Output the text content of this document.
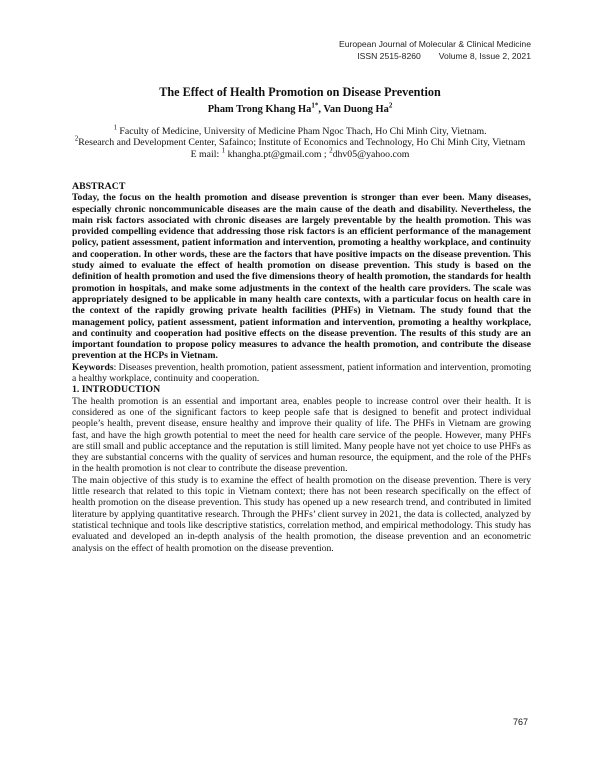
European Journal of Molecular & Clinical Medicine
ISSN 2515-8260 Volume 8, Issue 2, 2021
The Effect of Health Promotion on Disease Prevention
Pham Trong Khang $Ha^{1*}$, Van Duong Ha$^2$
$^1$ Faculty of Medicine, University of Medicine Pham Ngoc Thach, Ho Chi Minh City, Vietnam.
$^2$Research and Development Center, Safainco; Institute of Economics and Technology, Ho Chi Minh City, Vietnam
E mail: $^1$ khangha.pt@gmail.com ; $^2$dhv05@yahoo.com
ABSTRACT

Today, the focus on the health promotion and disease prevention is stronger than ever been. Many diseases, especially chronic noncommunicable diseases are the main cause of the death and disability. Nevertheless, the main risk factors associated with chronic diseases are largely preventable by the health promotion. This was provided compelling evidence that addressing those risk factors is an efficient performance of the management policy, patient assessment, patient information and intervention, promoting a healthy workplace, and continuity and cooperation. In other words, these are the factors that have positive impacts on the disease prevention. This study aimed to evaluate the effect of health promotion on disease prevention. This study is based on the definition of health promotion and used the five dimensions theory of health promotion, the standards for health promotion in hospitals, and make some adjustments in the context of the health care providers. The scale was appropriately designed to be applicable in many health care contexts, with a particular focus on health care in the context of the rapidly growing private health facilities (PHFs) in Vietnam. The study found that the management policy, patient assessment, patient information and intervention, promoting a healthy workplace, and continuity and cooperation had positive effects on the disease prevention. The results of this study are an important foundation to propose policy measures to advance the health promotion, and contribute the disease prevention at the HCPs in Vietnam.

Keywords: Diseases prevention, health promotion, patient assessment, patient information and intervention, promoting a healthy workplace, continuity and cooperation.

1. INTRODUCTION

The health promotion is an essential and important area, enables people to increase control over their health. It is considered as one of the significant factors to keep people safe that is designed to benefit and protect individual people’s health, prevent disease, ensure healthy and improve their quality of life. The PHFs in Vietnam are growing fast, and have the high growth potential to meet the need for health care service of the people. However, many PHFs are still small and public acceptance and the reputation is still limited. Many people have not yet choice to use PHFs as they are substantial concerns with the quality of services and human resource, the equipment, and the role of the PHFs in the health promotion is not clear to contribute the disease prevention.

The main objective of this study is to examine the effect of health promotion on the disease prevention. There is very little research that related to this topic in Vietnam context; there has not been research specifically on the effect of health promotion on the disease prevention. This study has opened up a new research trend, and contributed in limited literature by applying quantitative research. Through the PHFs’ client survey in 2021, the data is collected, analyzed by statistical technique and tools like descriptive statistics, correlation method, and empirical methodology. This study has evaluated and developed an in-depth analysis of the health promotion, the disease prevention and an econometric analysis on the effect of health promotion on the disease prevention.

767
